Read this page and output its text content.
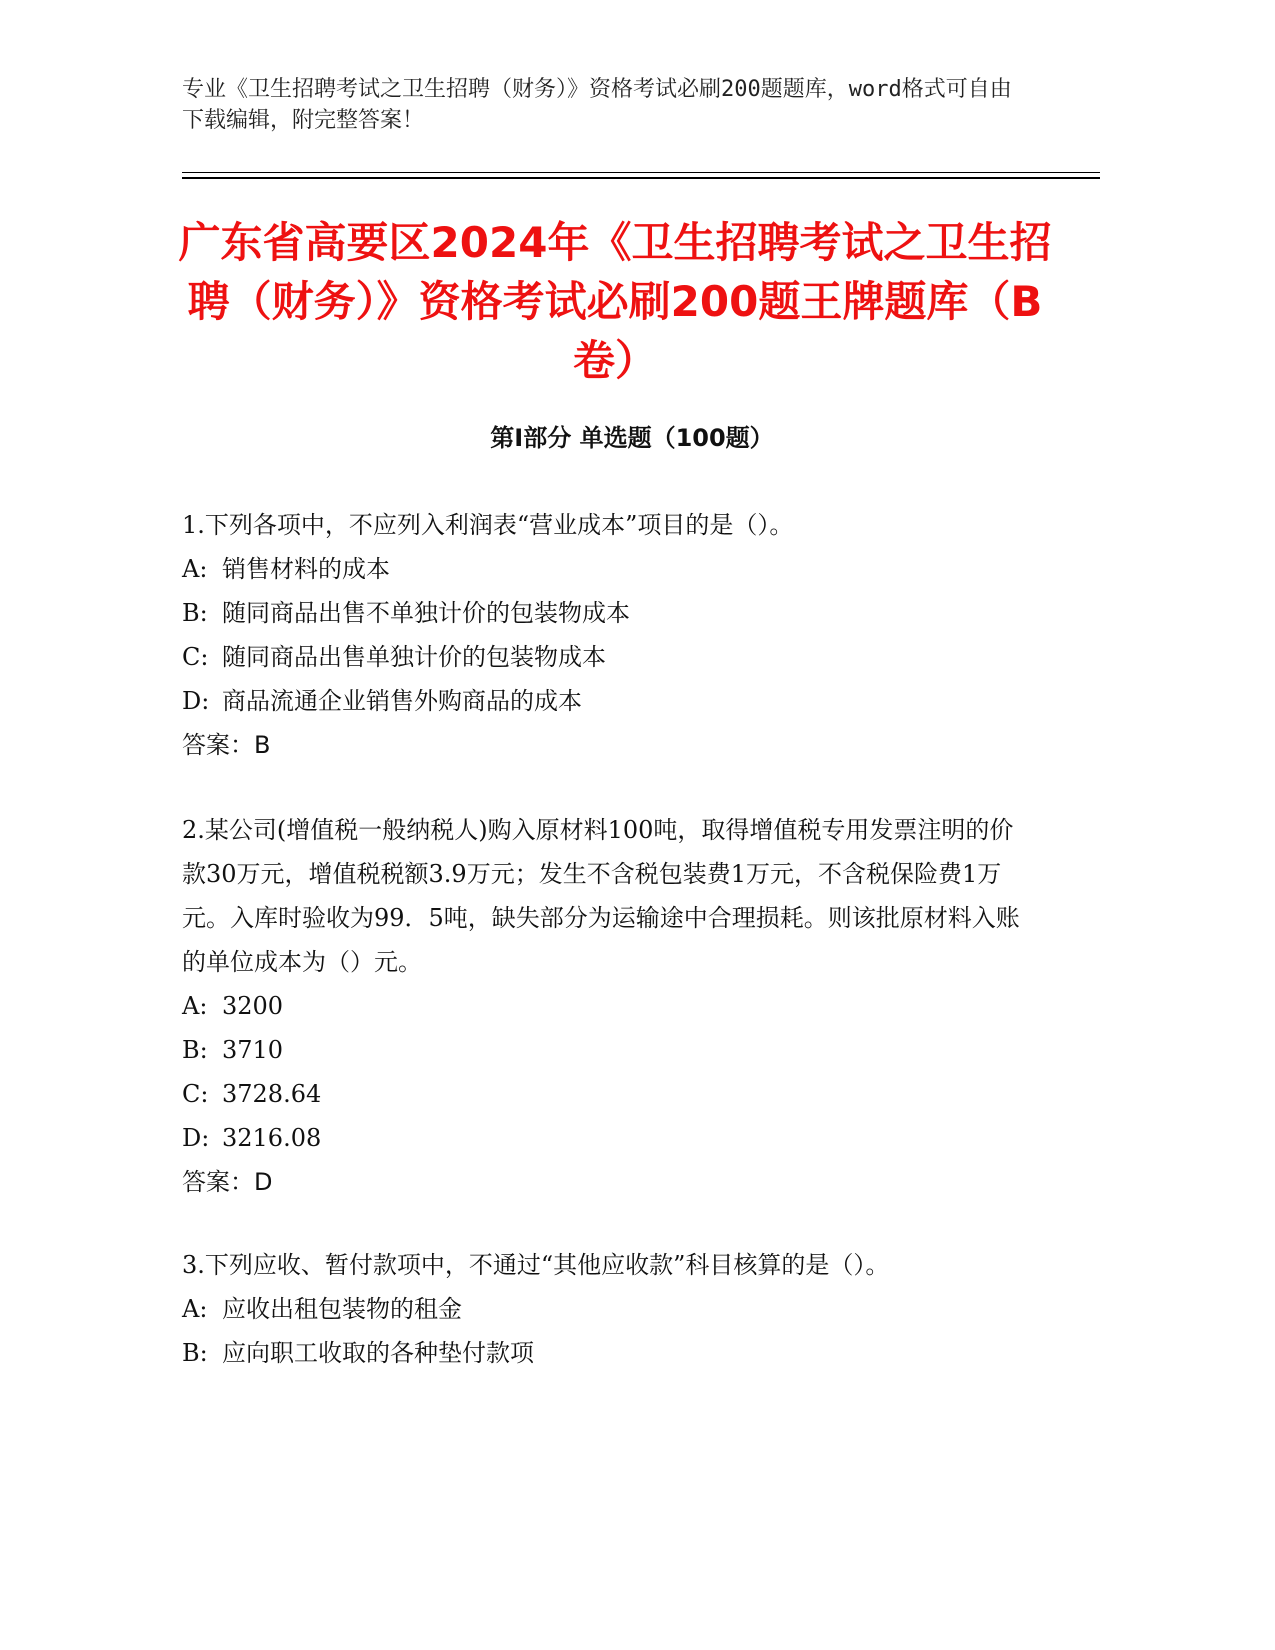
专业《卫生招聘考试之卫生招聘（财务）》资格考试必刷200题题库，word格式可自由下载编辑，附完整答案！
广东省高要区2024年《卫生招聘考试之卫生招聘（财务）》资格考试必刷200题王牌题库（B卷）
第I部分 单选题（100题）
1.下列各项中，不应列入利润表“营业成本”项目的是（）。
A: 销售材料的成本
B: 随同商品出售不单独计价的包装物成本
C: 随同商品出售单独计价的包装物成本
D: 商品流通企业销售外购商品的成本
答案：B
2.某公司(增值税一般纳税人)购入原材料100吨，取得增值税专用发票注明的价款30万元，增值税税额3.9万元；发生不含税包装费1万元，不含税保险费1万元。入库时验收为99．5吨，缺失部分为运输途中合理损耗。则该批原材料入账的单位成本为（）元。
A: 3200
B: 3710
C: 3728.64
D: 3216.08
答案：D
3.下列应收、暂付款项中，不通过“其他应收款”科目核算的是（）。
A: 应收出租包装物的租金
B: 应向职工收取的各种垫付款项
